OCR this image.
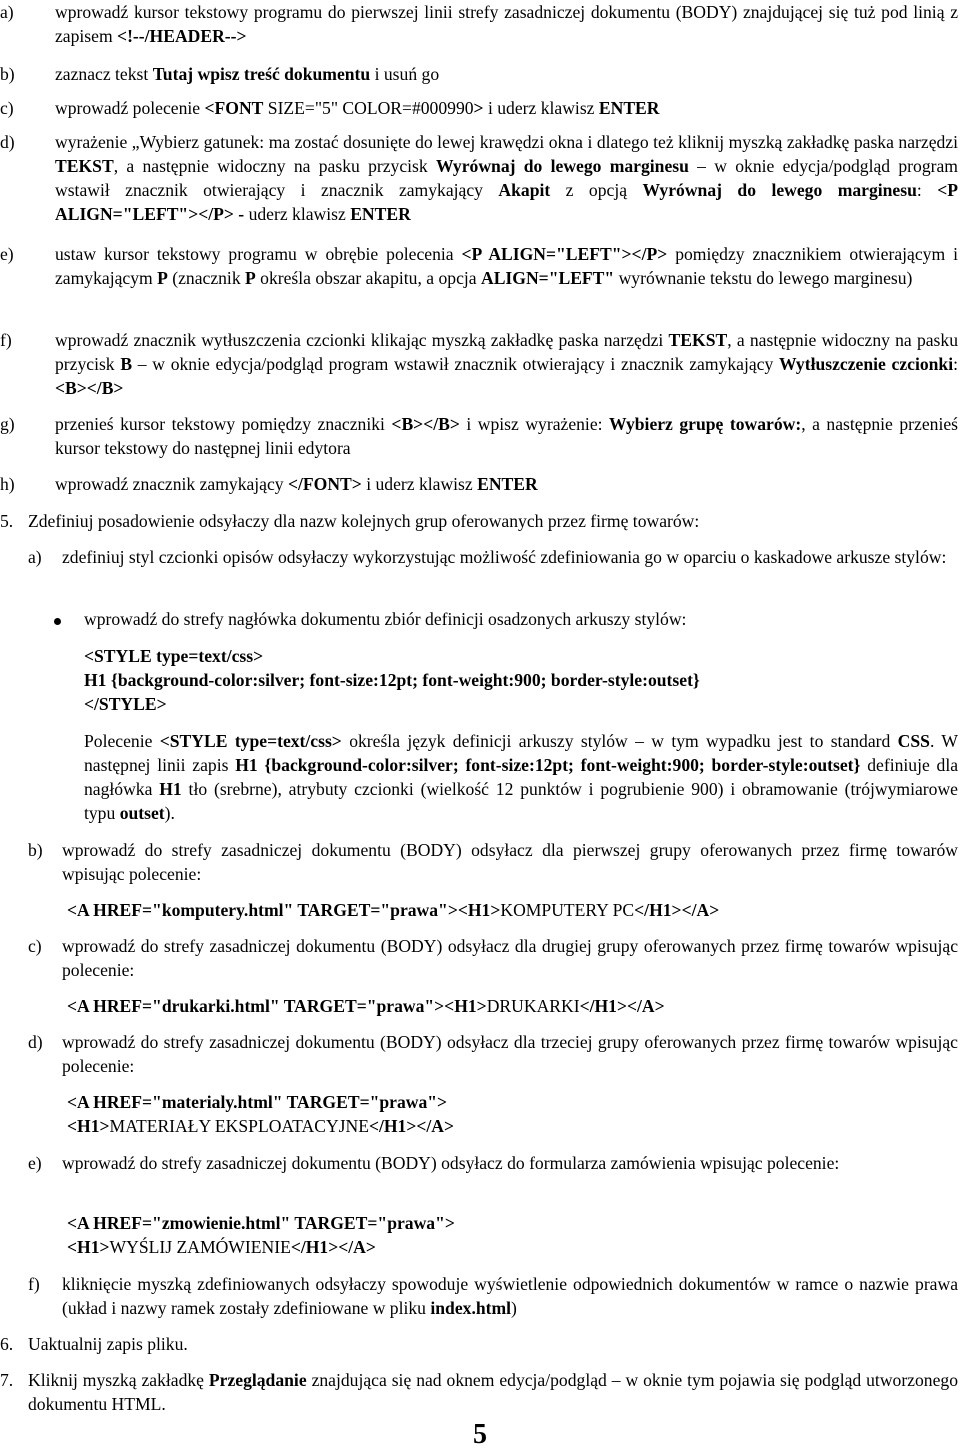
a) wprowadź kursor tekstowy programu do pierwszej linii strefy zasadniczej dokumentu (BODY) znajdującej się tuż pod linią z zapisem <!--/HEADER-->
b) zaznacz tekst Tutaj wpisz treść dokumentu i usuń go
c) wprowadź polecenie <FONT SIZE="5" COLOR=#000990> i uderz klawisz ENTER
d) wyrażenie „Wybierz gatunek: ma zostać dosunięte do lewej krawędzi okna i dlatego też kliknij myszką zakładkę paska narzędzi TEKST, a następnie widoczny na pasku przycisk Wyrównaj do lewego marginesu – w oknie edycja/podgląd program wstawił znacznik otwierający i znacznik zamykający Akapit z opcją Wyrównaj do lewego marginesu: <P ALIGN="LEFT"></P> - uderz klawisz ENTER
e) ustaw kursor tekstowy programu w obrębie polecenia <P ALIGN="LEFT"></P> pomiędzy znacznikiem otwierającym i zamykającym P (znacznik P określa obszar akapitu, a opcja ALIGN="LEFT" wyrównanie tekstu do lewego marginesu)
f) wprowadź znacznik wytłuszczenia czcionki klikając myszką zakładkę paska narzędzi TEKST, a następnie widoczny na pasku przycisk B – w oknie edycja/podgląd program wstawił znacznik otwierający i znacznik zamykający Wytłuszczenie czcionki: <B></B>
g) przenieś kursor tekstowy pomiędzy znaczniki <B></B> i wpisz wyrażenie: Wybierz grupę towarów:, a następnie przenieś kursor tekstowy do następnej linii edytora
h) wprowadź znacznik zamykający </FONT> i uderz klawisz ENTER
5. Zdefiniuj posadowienie odsyłaczy dla nazw kolejnych grup oferowanych przez firmę towarów:
a) zdefiniuj styl czcionki opisów odsyłaczy wykorzystując możliwość zdefiniowania go w oparciu o kaskadowe arkusze stylów:
wprowadź do strefy nagłówka dokumentu zbiór definicji osadzonych arkuszy stylów:
<STYLE type=text/css>
H1 {background-color:silver; font-size:12pt; font-weight:900; border-style:outset}
</STYLE>
Polecenie <STYLE type=text/css> określa język definicji arkuszy stylów – w tym wypadku jest to standard CSS. W następnej linii zapis H1 {background-color:silver; font-size:12pt; font-weight:900; border-style:outset} definiuje dla nagłówka H1 tło (srebrne), atrybuty czcionki (wielkość 12 punktów i pogrubienie 900) i obramowanie (trójwymiarowe typu outset).
b) wprowadź do strefy zasadniczej dokumentu (BODY) odsyłacz dla pierwszej grupy oferowanych przez firmę towarów wpisując polecenie:
<A HREF="komputery.html" TARGET="prawa"><H1>KOMPUTERY PC</H1></A>
c) wprowadź do strefy zasadniczej dokumentu (BODY) odsyłacz dla drugiej grupy oferowanych przez firmę towarów wpisując polecenie:
<A HREF="drukarki.html" TARGET="prawa"><H1>DRUKARKI</H1></A>
d) wprowadź do strefy zasadniczej dokumentu (BODY) odsyłacz dla trzeciej grupy oferowanych przez firmę towarów wpisując polecenie:
<A HREF="materialy.html" TARGET="prawa">
<H1>MATERIAŁY EKSPLOATACYJNE</H1></A>
e) wprowadź do strefy zasadniczej dokumentu (BODY) odsyłacz do formularza zamówienia wpisując polecenie:
<A HREF="zmowienie.html" TARGET="prawa">
<H1>WYŚLIJ ZAMÓWIENIE</H1></A>
f) kliknięcie myszką zdefiniowanych odsyłaczy spowoduje wyświetlenie odpowiednich dokumentów w ramce o nazwie prawa (układ i nazwy ramek zostały zdefiniowane w pliku index.html)
6. Uaktualnij zapis pliku.
7. Kliknij myszką zakładkę Przeglądanie znajdująca się nad oknem edycja/podgląd – w oknie tym pojawia się podgląd utworzonego dokumentu HTML.
5
